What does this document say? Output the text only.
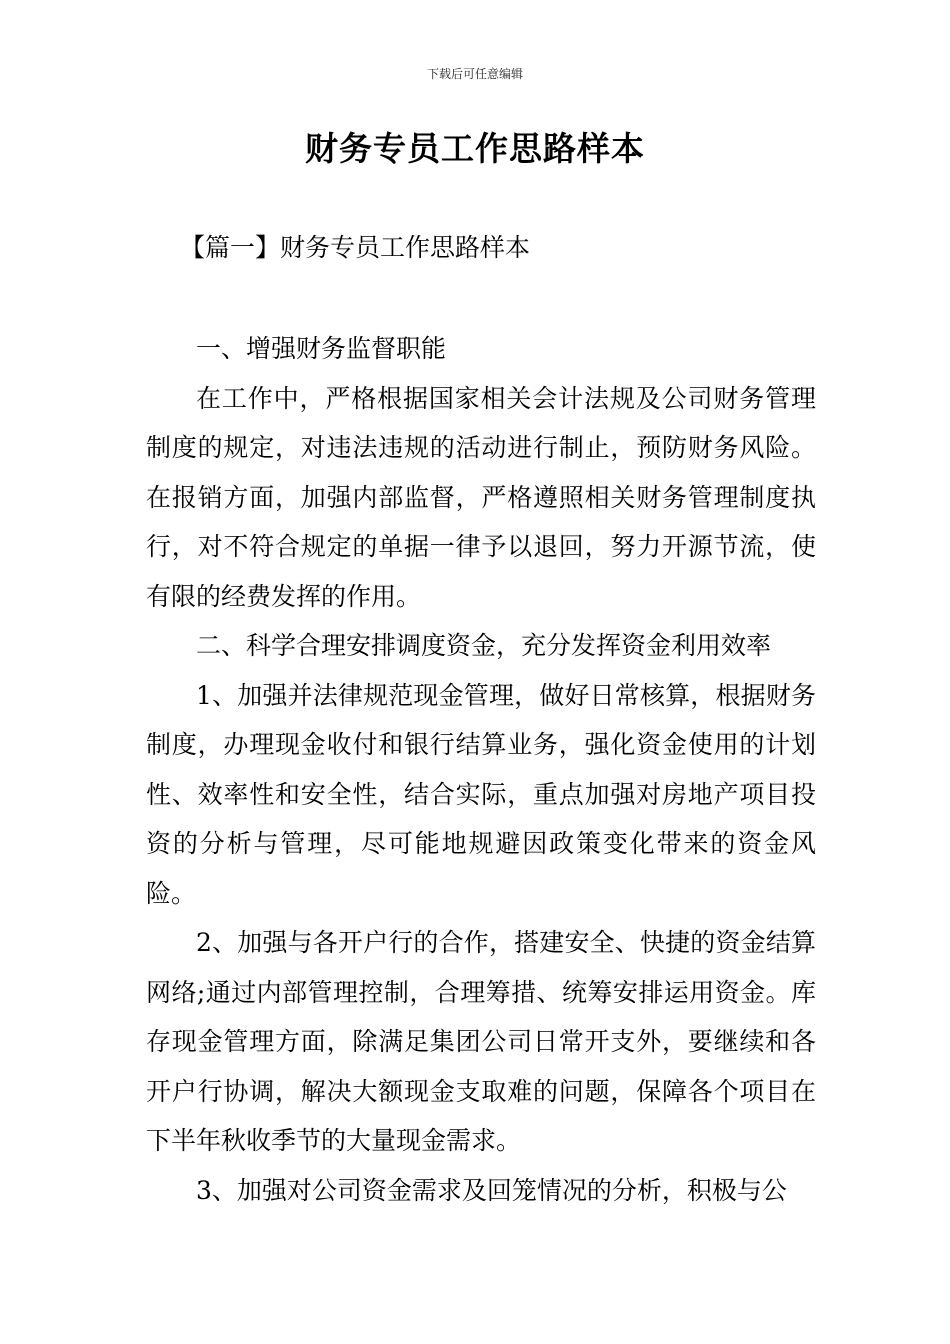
下载后可任意编辑
财务专员工作思路样本
【篇一】财务专员工作思路样本

一、增强财务监督职能

在工作中，严格根据国家相关会计法规及公司财务管理制度的规定，对违法违规的活动进行制止，预防财务风险。在报销方面，加强内部监督，严格遵照相关财务管理制度执行，对不符合规定的单据一律予以退回，努力开源节流，使有限的经费发挥的作用。

二、科学合理安排调度资金，充分发挥资金利用效率

1、加强并法律规范现金管理，做好日常核算，根据财务制度，办理现金收付和银行结算业务，强化资金使用的计划性、效率性和安全性，结合实际，重点加强对房地产项目投资的分析与管理，尽可能地规避因政策变化带来的资金风险。

2、加强与各开户行的合作，搭建安全、快捷的资金结算网络;通过内部管理控制，合理筹措、统筹安排运用资金。库存现金管理方面，除满足集团公司日常开支外，要继续和各开户行协调，解决大额现金支取难的问题，保障各个项目在下半年秋收季节的大量现金需求。

3、加强对公司资金需求及回笼情况的分析，积极与公
